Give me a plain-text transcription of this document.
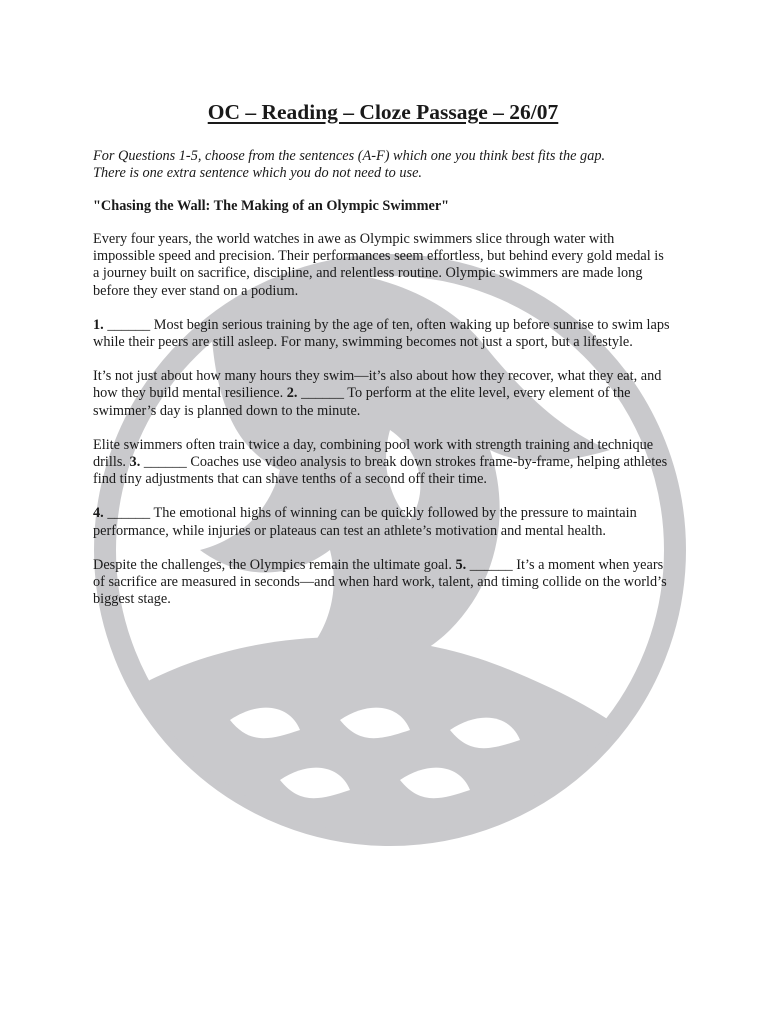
OC – Reading – Cloze Passage – 26/07
For Questions 1-5, choose from the sentences (A-F) which one you think best fits the gap.
There is one extra sentence which you do not need to use.
"Chasing the Wall: The Making of an Olympic Swimmer"

Every four years, the world watches in awe as Olympic swimmers slice through water with impossible speed and precision. Their performances seem effortless, but behind every gold medal is a journey built on sacrifice, discipline, and relentless routine. Olympic swimmers are made long before they ever stand on a podium.

1. ______ Most begin serious training by the age of ten, often waking up before sunrise to swim laps while their peers are still asleep. For many, swimming becomes not just a sport, but a lifestyle.

It’s not just about how many hours they swim—it’s also about how they recover, what they eat, and how they build mental resilience. 2. ______ To perform at the elite level, every element of the swimmer’s day is planned down to the minute.

Elite swimmers often train twice a day, combining pool work with strength training and technique drills. 3. ______ Coaches use video analysis to break down strokes frame-by-frame, helping athletes find tiny adjustments that can shave tenths of a second off their time.

4. ______ The emotional highs of winning can be quickly followed by the pressure to maintain performance, while injuries or plateaus can test an athlete’s motivation and mental health.

Despite the challenges, the Olympics remain the ultimate goal. 5. ______ It’s a moment when years of sacrifice are measured in seconds—and when hard work, talent, and timing collide on the world’s biggest stage.
